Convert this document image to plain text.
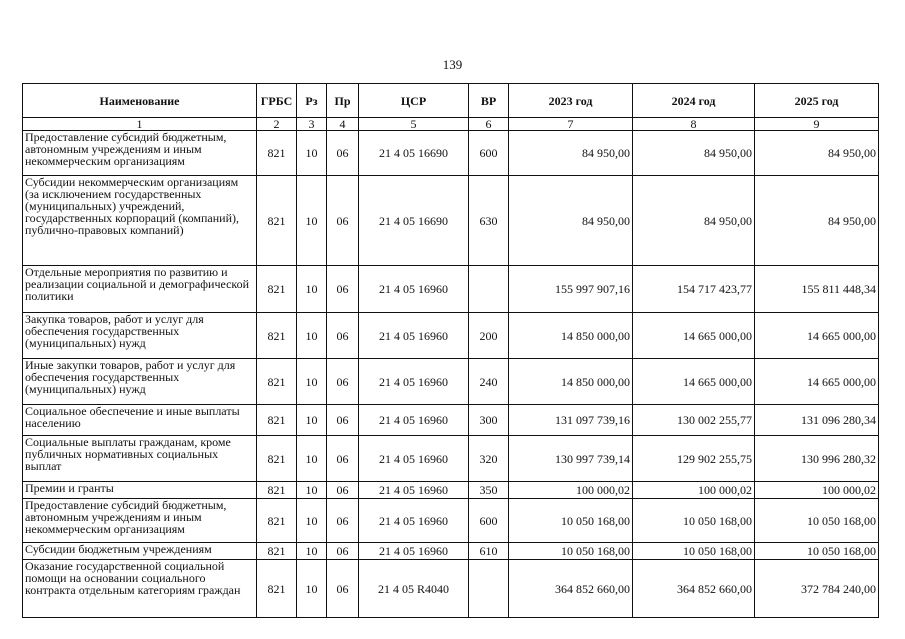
139
Наименование	ГРБС	Рз	Пр	ЦСР	ВР	2023 год	2024 год	2025 год
1	2	3	4	5	6	7	8	9
Предоставление субсидий бюджетным, автономным учреждениям и иным некоммерческим организациям	821	10	06	21 4 05 16690	600	84 950,00	84 950,00	84 950,00
Субсидии некоммерческим организациям (за исключением государственных (муниципальных) учреждений, государственных корпораций (компаний), публично-правовых компаний)	821	10	06	21 4 05 16690	630	84 950,00	84 950,00	84 950,00
Отдельные мероприятия по развитию и реализации социальной и демографической политики	821	10	06	21 4 05 16960		155 997 907,16	154 717 423,77	155 811 448,34
Закупка товаров, работ и услуг для обеспечения государственных (муниципальных) нужд	821	10	06	21 4 05 16960	200	14 850 000,00	14 665 000,00	14 665 000,00
Иные закупки товаров, работ и услуг для обеспечения государственных (муниципальных) нужд	821	10	06	21 4 05 16960	240	14 850 000,00	14 665 000,00	14 665 000,00
Социальное обеспечение и иные выплаты населению	821	10	06	21 4 05 16960	300	131 097 739,16	130 002 255,77	131 096 280,34
Социальные выплаты гражданам, кроме публичных нормативных социальных выплат	821	10	06	21 4 05 16960	320	130 997 739,14	129 902 255,75	130 996 280,32
Премии и гранты	821	10	06	21 4 05 16960	350	100 000,02	100 000,02	100 000,02
Предоставление субсидий бюджетным, автономным учреждениям и иным некоммерческим организациям	821	10	06	21 4 05 16960	600	10 050 168,00	10 050 168,00	10 050 168,00
Субсидии бюджетным учреждениям	821	10	06	21 4 05 16960	610	10 050 168,00	10 050 168,00	10 050 168,00
Оказание государственной социальной помощи на основании социального контракта отдельным категориям граждан	821	10	06	21 4 05 R4040		364 852 660,00	364 852 660,00	372 784 240,00
